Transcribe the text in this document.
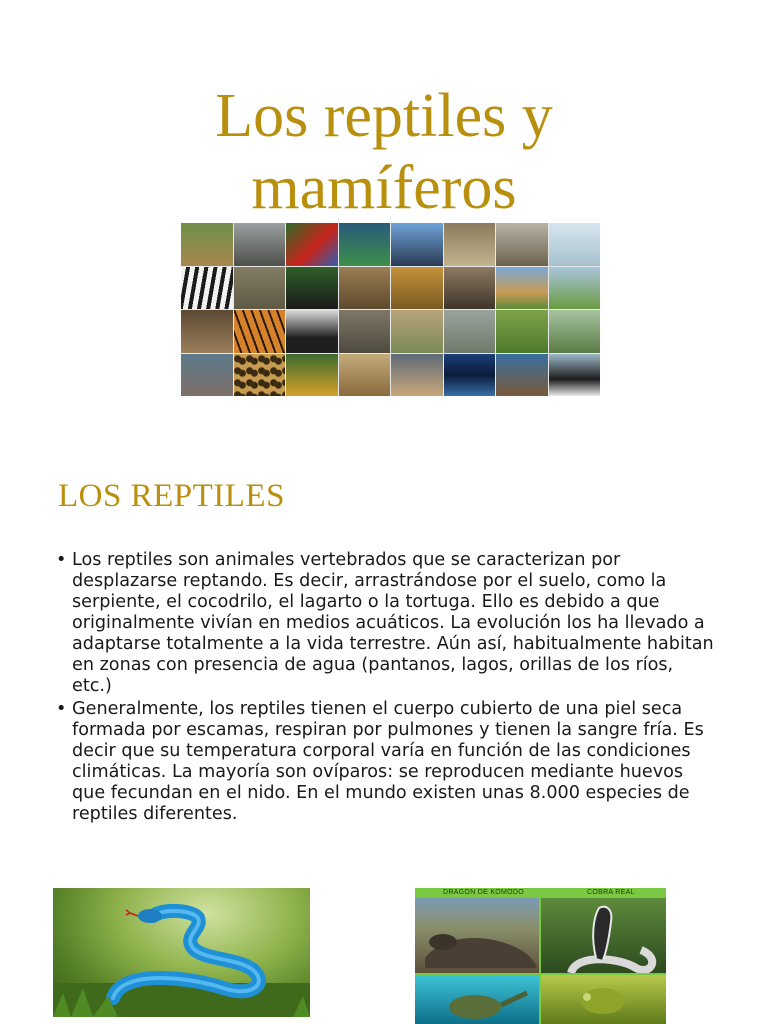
Los reptiles y
mamíferos
LOS REPTILES
• Los reptiles son animales vertebrados que se caracterizan por desplazarse reptando. Es decir, arrastrándose por el suelo, como la serpiente, el cocodrilo, el lagarto o la tortuga. Ello es debido a que originalmente vivían en medios acuáticos. La evolución los ha llevado a adaptarse totalmente a la vida terrestre. Aún así, habitualmente habitan en zonas con presencia de agua (pantanos, lagos, orillas de los ríos, etc.)
• Generalmente, los reptiles tienen el cuerpo cubierto de una piel seca formada por escamas, respiran por pulmones y tienen la sangre fría. Es decir que su temperatura corporal varía en función de las condiciones climáticas. La mayoría son ovíparos: se reproducen mediante huevos que fecundan en el nido. En el mundo existen unas 8.000 especies de reptiles diferentes.
DRAGÓN DE KOMODO	COBRA REAL
